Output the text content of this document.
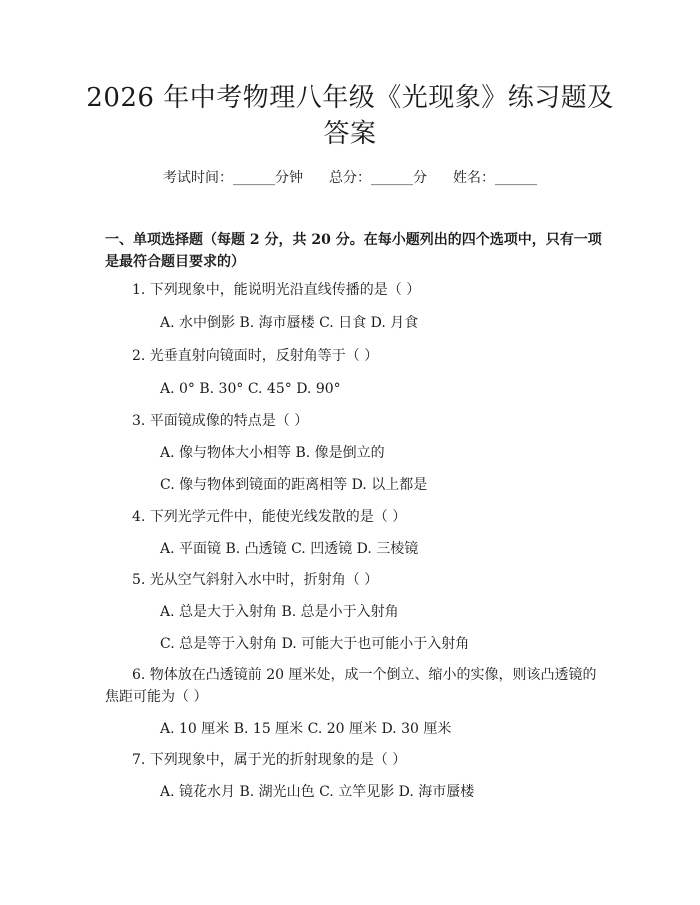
2026 年中考物理八年级《光现象》练习题及答案
考试时间：______分钟 总分：______分 姓名：______
一、单项选择题（每题 2 分，共 20 分。在每小题列出的四个选项中，只有一项是最符合题目要求的）
1. 下列现象中，能说明光沿直线传播的是（ ）
A. 水中倒影 B. 海市蜃楼 C. 日食 D. 月食
2. 光垂直射向镜面时，反射角等于（ ）
A. 0° B. 30° C. 45° D. 90°
3. 平面镜成像的特点是（ ）
A. 像与物体大小相等 B. 像是倒立的
C. 像与物体到镜面的距离相等 D. 以上都是
4. 下列光学元件中，能使光线发散的是（ ）
A. 平面镜 B. 凸透镜 C. 凹透镜 D. 三棱镜
5. 光从空气斜射入水中时，折射角（ ）
A. 总是大于入射角 B. 总是小于入射角
C. 总是等于入射角 D. 可能大于也可能小于入射角
6. 物体放在凸透镜前 20 厘米处，成一个倒立、缩小的实像，则该凸透镜的焦距可能为（ ）
A. 10 厘米 B. 15 厘米 C. 20 厘米 D. 30 厘米
7. 下列现象中，属于光的折射现象的是（ ）
A. 镜花水月 B. 湖光山色 C. 立竿见影 D. 海市蜃楼
